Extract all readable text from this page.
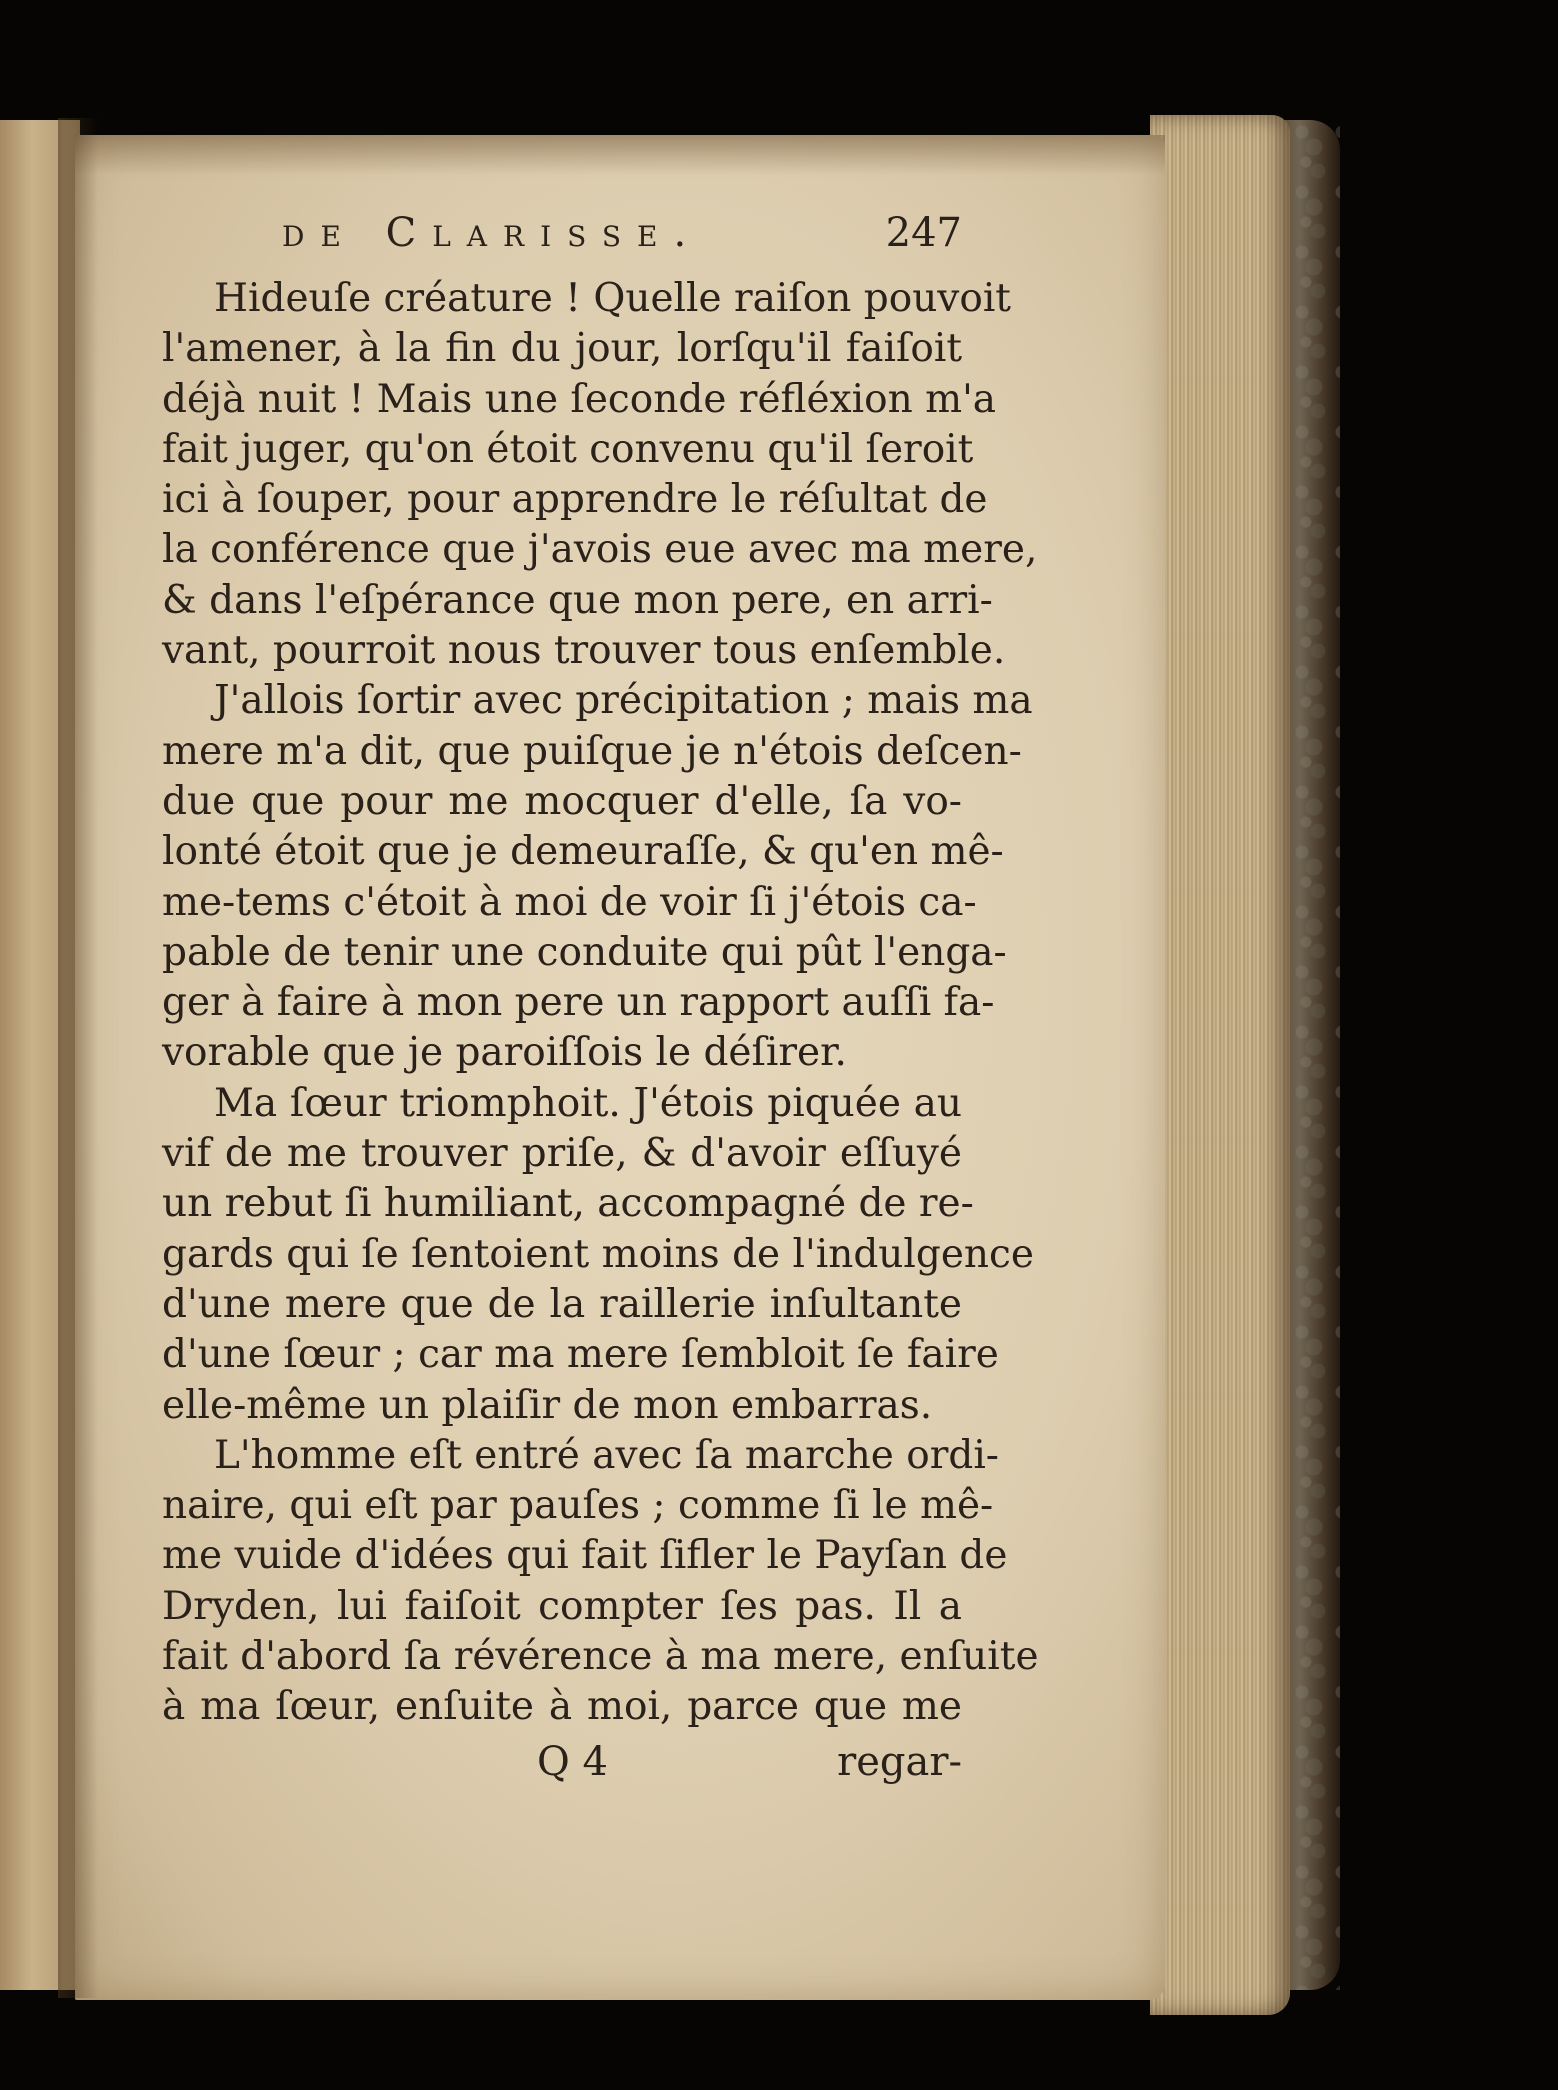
de Clarisse.	247
Hideuſe créature ! Quelle raiſon pouvoit
l'amener, à la fin du jour, lorſqu'il faiſoit
déjà nuit ! Mais une ſeconde réfléxion m'a
fait juger, qu'on étoit convenu qu'il ſeroit
ici à ſouper, pour apprendre le réſultat de
la conférence que j'avois eue avec ma mere,
& dans l'eſpérance que mon pere, en arri-
vant, pourroit nous trouver tous enſemble.
J'allois ſortir avec précipitation ; mais ma
mere m'a dit, que puiſque je n'étois deſcen-
due que pour me mocquer d'elle, ſa vo-
lonté étoit que je demeuraſſe, & qu'en mê-
me-tems c'étoit à moi de voir ſi j'étois ca-
pable de tenir une conduite qui pût l'enga-
ger à faire à mon pere un rapport auſſi fa-
vorable que je paroiſſois le déſirer.
Ma ſœur triomphoit. J'étois piquée au
vif de me trouver priſe, & d'avoir eſſuyé
un rebut ſi humiliant, accompagné de re-
gards qui ſe ſentoient moins de l'indulgence
d'une mere que de la raillerie inſultante
d'une ſœur ; car ma mere ſembloit ſe faire
elle-même un plaiſir de mon embarras.
L'homme eſt entré avec ſa marche ordi-
naire, qui eſt par pauſes ; comme ſi le mê-
me vuide d'idées qui fait ſifler le Payſan de
Dryden, lui faiſoit compter ſes pas. Il a
fait d'abord ſa révérence à ma mere, enſuite
à ma ſœur, enſuite à moi, parce que me
Q 4	regar-
